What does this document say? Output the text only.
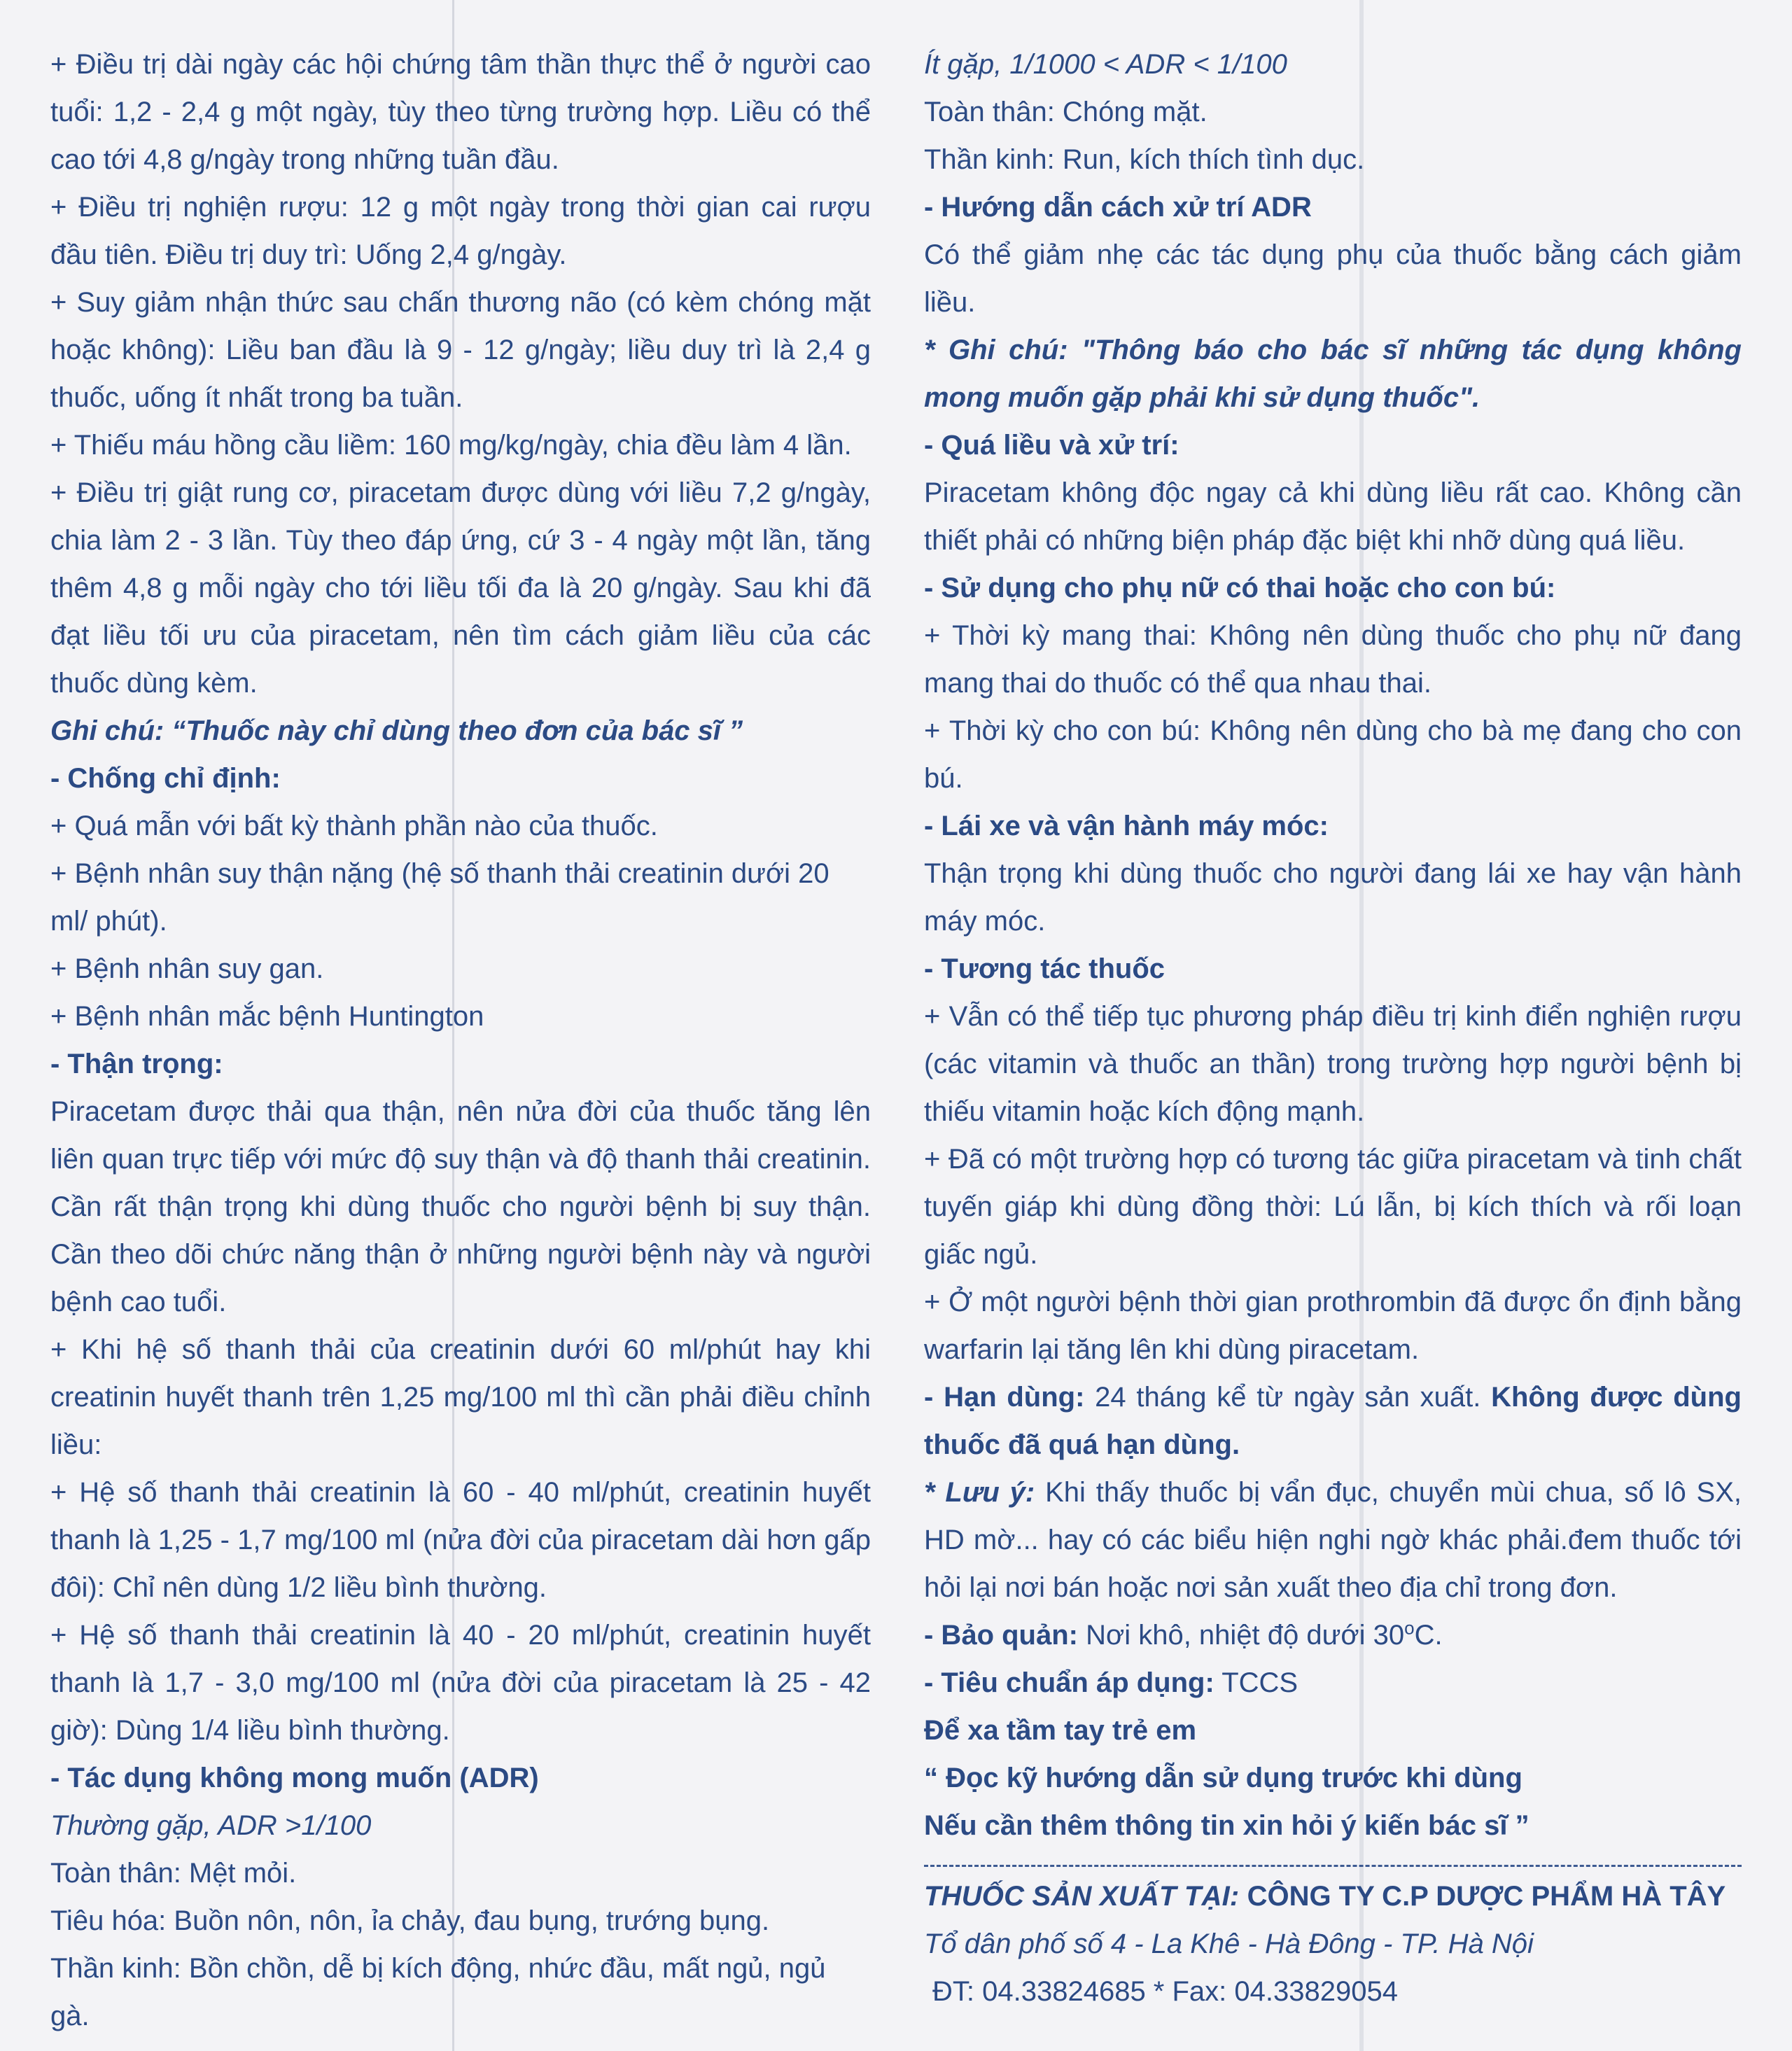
+ Điều trị dài ngày các hội chứng tâm thần thực thể ở người cao tuổi: 1,2 - 2,4 g một ngày, tùy theo từng trường hợp. Liều có thể cao tới 4,8 g/ngày trong những tuần đầu.

+ Điều trị nghiện rượu: 12 g một ngày trong thời gian cai rượu đầu tiên. Điều trị duy trì: Uống 2,4 g/ngày.

+ Suy giảm nhận thức sau chấn thương não (có kèm chóng mặt hoặc không): Liều ban đầu là 9 - 12 g/ngày; liều duy trì là 2,4 g thuốc, uống ít nhất trong ba tuần.

+ Thiếu máu hồng cầu liềm: 160 mg/kg/ngày, chia đều làm 4 lần.

+ Điều trị giật rung cơ, piracetam được dùng với liều 7,2 g/ngày, chia làm 2 - 3 lần. Tùy theo đáp ứng, cứ 3 - 4 ngày một lần, tăng thêm 4,8 g mỗi ngày cho tới liều tối đa là 20 g/ngày. Sau khi đã đạt liều tối ưu của piracetam, nên tìm cách giảm liều của các thuốc dùng kèm.

Ghi chú: “Thuốc này chỉ dùng theo đơn của bác sĩ ”

- Chống chỉ định:

+ Quá mẫn với bất kỳ thành phần nào của thuốc.

+ Bệnh nhân suy thận nặng (hệ số thanh thải creatinin dưới 20 ml/ phút).

+ Bệnh nhân suy gan.

+ Bệnh nhân mắc bệnh Huntington

- Thận trọng:

Piracetam được thải qua thận, nên nửa đời của thuốc tăng lên liên quan trực tiếp với mức độ suy thận và độ thanh thải creatinin. Cần rất thận trọng khi dùng thuốc cho người bệnh bị suy thận. Cần theo dõi chức năng thận ở những người bệnh này và người bệnh cao tuổi.

+ Khi hệ số thanh thải của creatinin dưới 60 ml/phút hay khi creatinin huyết thanh trên 1,25 mg/100 ml thì cần phải điều chỉnh liều:

+ Hệ số thanh thải creatinin là 60 - 40 ml/phút, creatinin huyết thanh là 1,25 - 1,7 mg/100 ml (nửa đời của piracetam dài hơn gấp đôi): Chỉ nên dùng 1/2 liều bình thường.

+ Hệ số thanh thải creatinin là 40 - 20 ml/phút, creatinin huyết thanh là 1,7 - 3,0 mg/100 ml (nửa đời của piracetam là 25 - 42 giờ): Dùng 1/4 liều bình thường.

- Tác dụng không mong muốn (ADR)

Thường gặp, ADR >1/100

Toàn thân: Mệt mỏi.

Tiêu hóa: Buồn nôn, nôn, ỉa chảy, đau bụng, trướng bụng.

Thần kinh: Bồn chồn, dễ bị kích động, nhức đầu, mất ngủ, ngủ gà.

Ít gặp, 1/1000 < ADR < 1/100

Toàn thân: Chóng mặt.

Thần kinh: Run, kích thích tình dục.

- Hướng dẫn cách xử trí ADR

Có thể giảm nhẹ các tác dụng phụ của thuốc bằng cách giảm liều.

* Ghi chú: "Thông báo cho bác sĩ những tác dụng không mong muốn gặp phải khi sử dụng thuốc".

- Quá liều và xử trí:

Piracetam không độc ngay cả khi dùng liều rất cao. Không cần thiết phải có những biện pháp đặc biệt khi nhỡ dùng quá liều.

- Sử dụng cho phụ nữ có thai hoặc cho con bú:

+ Thời kỳ mang thai: Không nên dùng thuốc cho phụ nữ đang mang thai do thuốc có thể qua nhau thai.

+ Thời kỳ cho con bú: Không nên dùng cho bà mẹ đang cho con bú.

- Lái xe và vận hành máy móc:

Thận trọng khi dùng thuốc cho người đang lái xe hay vận hành máy móc.

- Tương tác thuốc

+ Vẫn có thể tiếp tục phương pháp điều trị kinh điển nghiện rượu (các vitamin và thuốc an thần) trong trường hợp người bệnh bị thiếu vitamin hoặc kích động mạnh.

+ Đã có một trường hợp có tương tác giữa piracetam và tinh chất tuyến giáp khi dùng đồng thời: Lú lẫn, bị kích thích và rối loạn giấc ngủ.

+ Ở một người bệnh thời gian prothrombin đã được ổn định bằng warfarin lại tăng lên khi dùng piracetam.

- Hạn dùng: 24 tháng kể từ ngày sản xuất. Không được dùng thuốc đã quá hạn dùng.

* Lưu ý: Khi thấy thuốc bị vẩn đục, chuyển mùi chua, số lô SX, HD mờ... hay có các biểu hiện nghi ngờ khác phải.đem thuốc tới hỏi lại nơi bán hoặc nơi sản xuất theo địa chỉ trong đơn.

- Bảo quản: Nơi khô, nhiệt độ dưới 30$^o$C.

- Tiêu chuẩn áp dụng: TCCS

Để xa tầm tay trẻ em

“ Đọc kỹ hướng dẫn sử dụng trước khi dùng

Nếu cần thêm thông tin xin hỏi ý kiến bác sĩ ”

THUỐC SẢN XUẤT TẠI: CÔNG TY C.P DƯỢC PHẨM HÀ TÂY

Tổ dân phố số 4 - La Khê - Hà Đông - TP. Hà Nội

ĐT: 04.33824685 * Fax: 04.33829054
